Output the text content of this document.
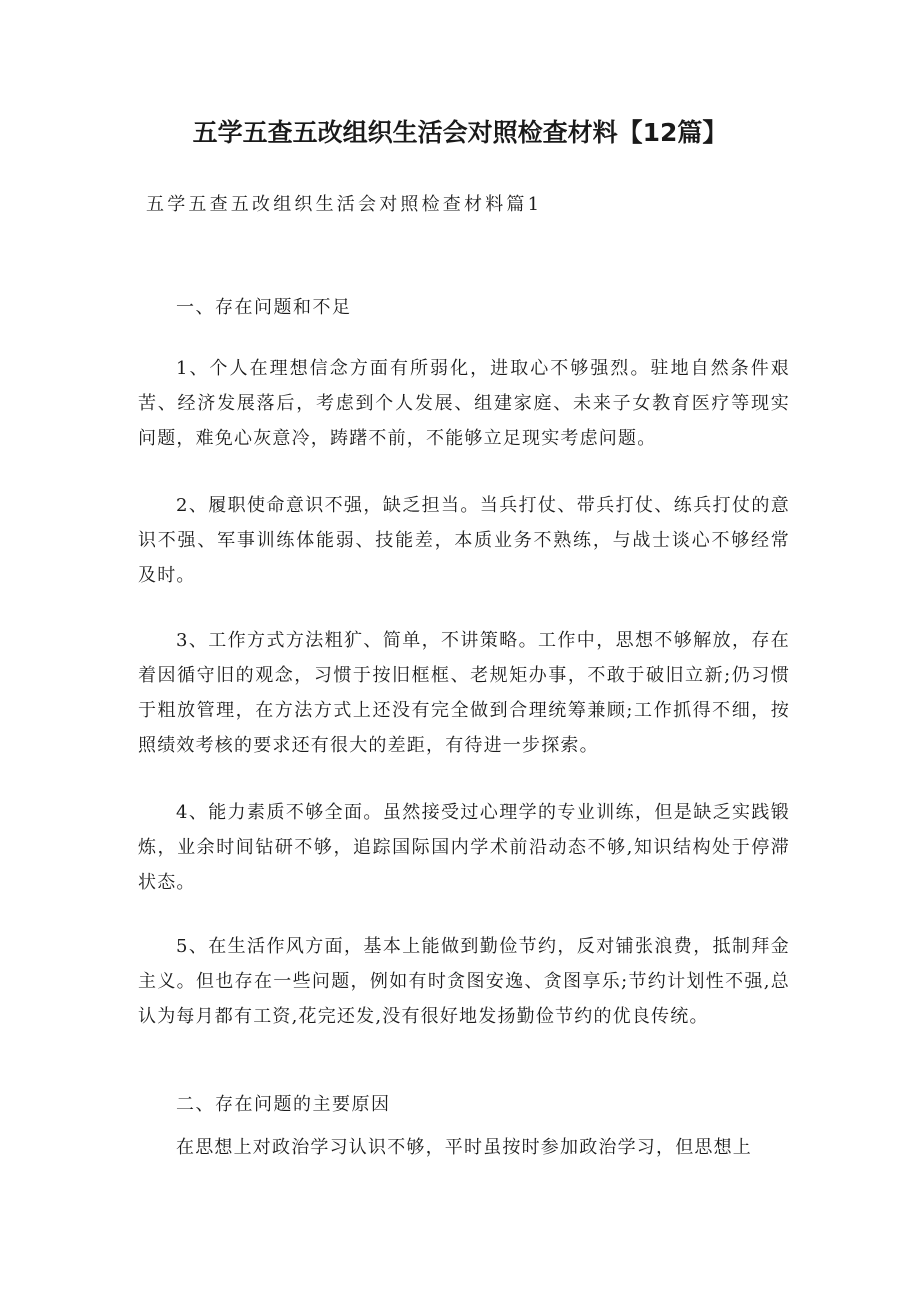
五学五查五改组织生活会对照检查材料【12篇】

五学五查五改组织生活会对照检查材料篇1

一、存在问题和不足

1、个人在理想信念方面有所弱化，进取心不够强烈。驻地自然条件艰苦、经济发展落后，考虑到个人发展、组建家庭、未来子女教育医疗等现实问题，难免心灰意冷，踌躇不前，不能够立足现实考虑问题。

2、履职使命意识不强，缺乏担当。当兵打仗、带兵打仗、练兵打仗的意识不强、军事训练体能弱、技能差，本质业务不熟练，与战士谈心不够经常及时。

3、工作方式方法粗犷、简单，不讲策略。工作中，思想不够解放，存在着因循守旧的观念，习惯于按旧框框、老规矩办事，不敢于破旧立新;仍习惯于粗放管理，在方法方式上还没有完全做到合理统筹兼顾;工作抓得不细，按照绩效考核的要求还有很大的差距，有待进一步探索。

4、能力素质不够全面。虽然接受过心理学的专业训练，但是缺乏实践锻炼，业余时间钻研不够，追踪国际国内学术前沿动态不够,知识结构处于停滞状态。

5、在生活作风方面，基本上能做到勤俭节约，反对铺张浪费，抵制拜金主义。但也存在一些问题，例如有时贪图安逸、贪图享乐;节约计划性不强,总认为每月都有工资,花完还发,没有很好地发扬勤俭节约的优良传统。

二、存在问题的主要原因

在思想上对政治学习认识不够，平时虽按时参加政治学习，但思想上
